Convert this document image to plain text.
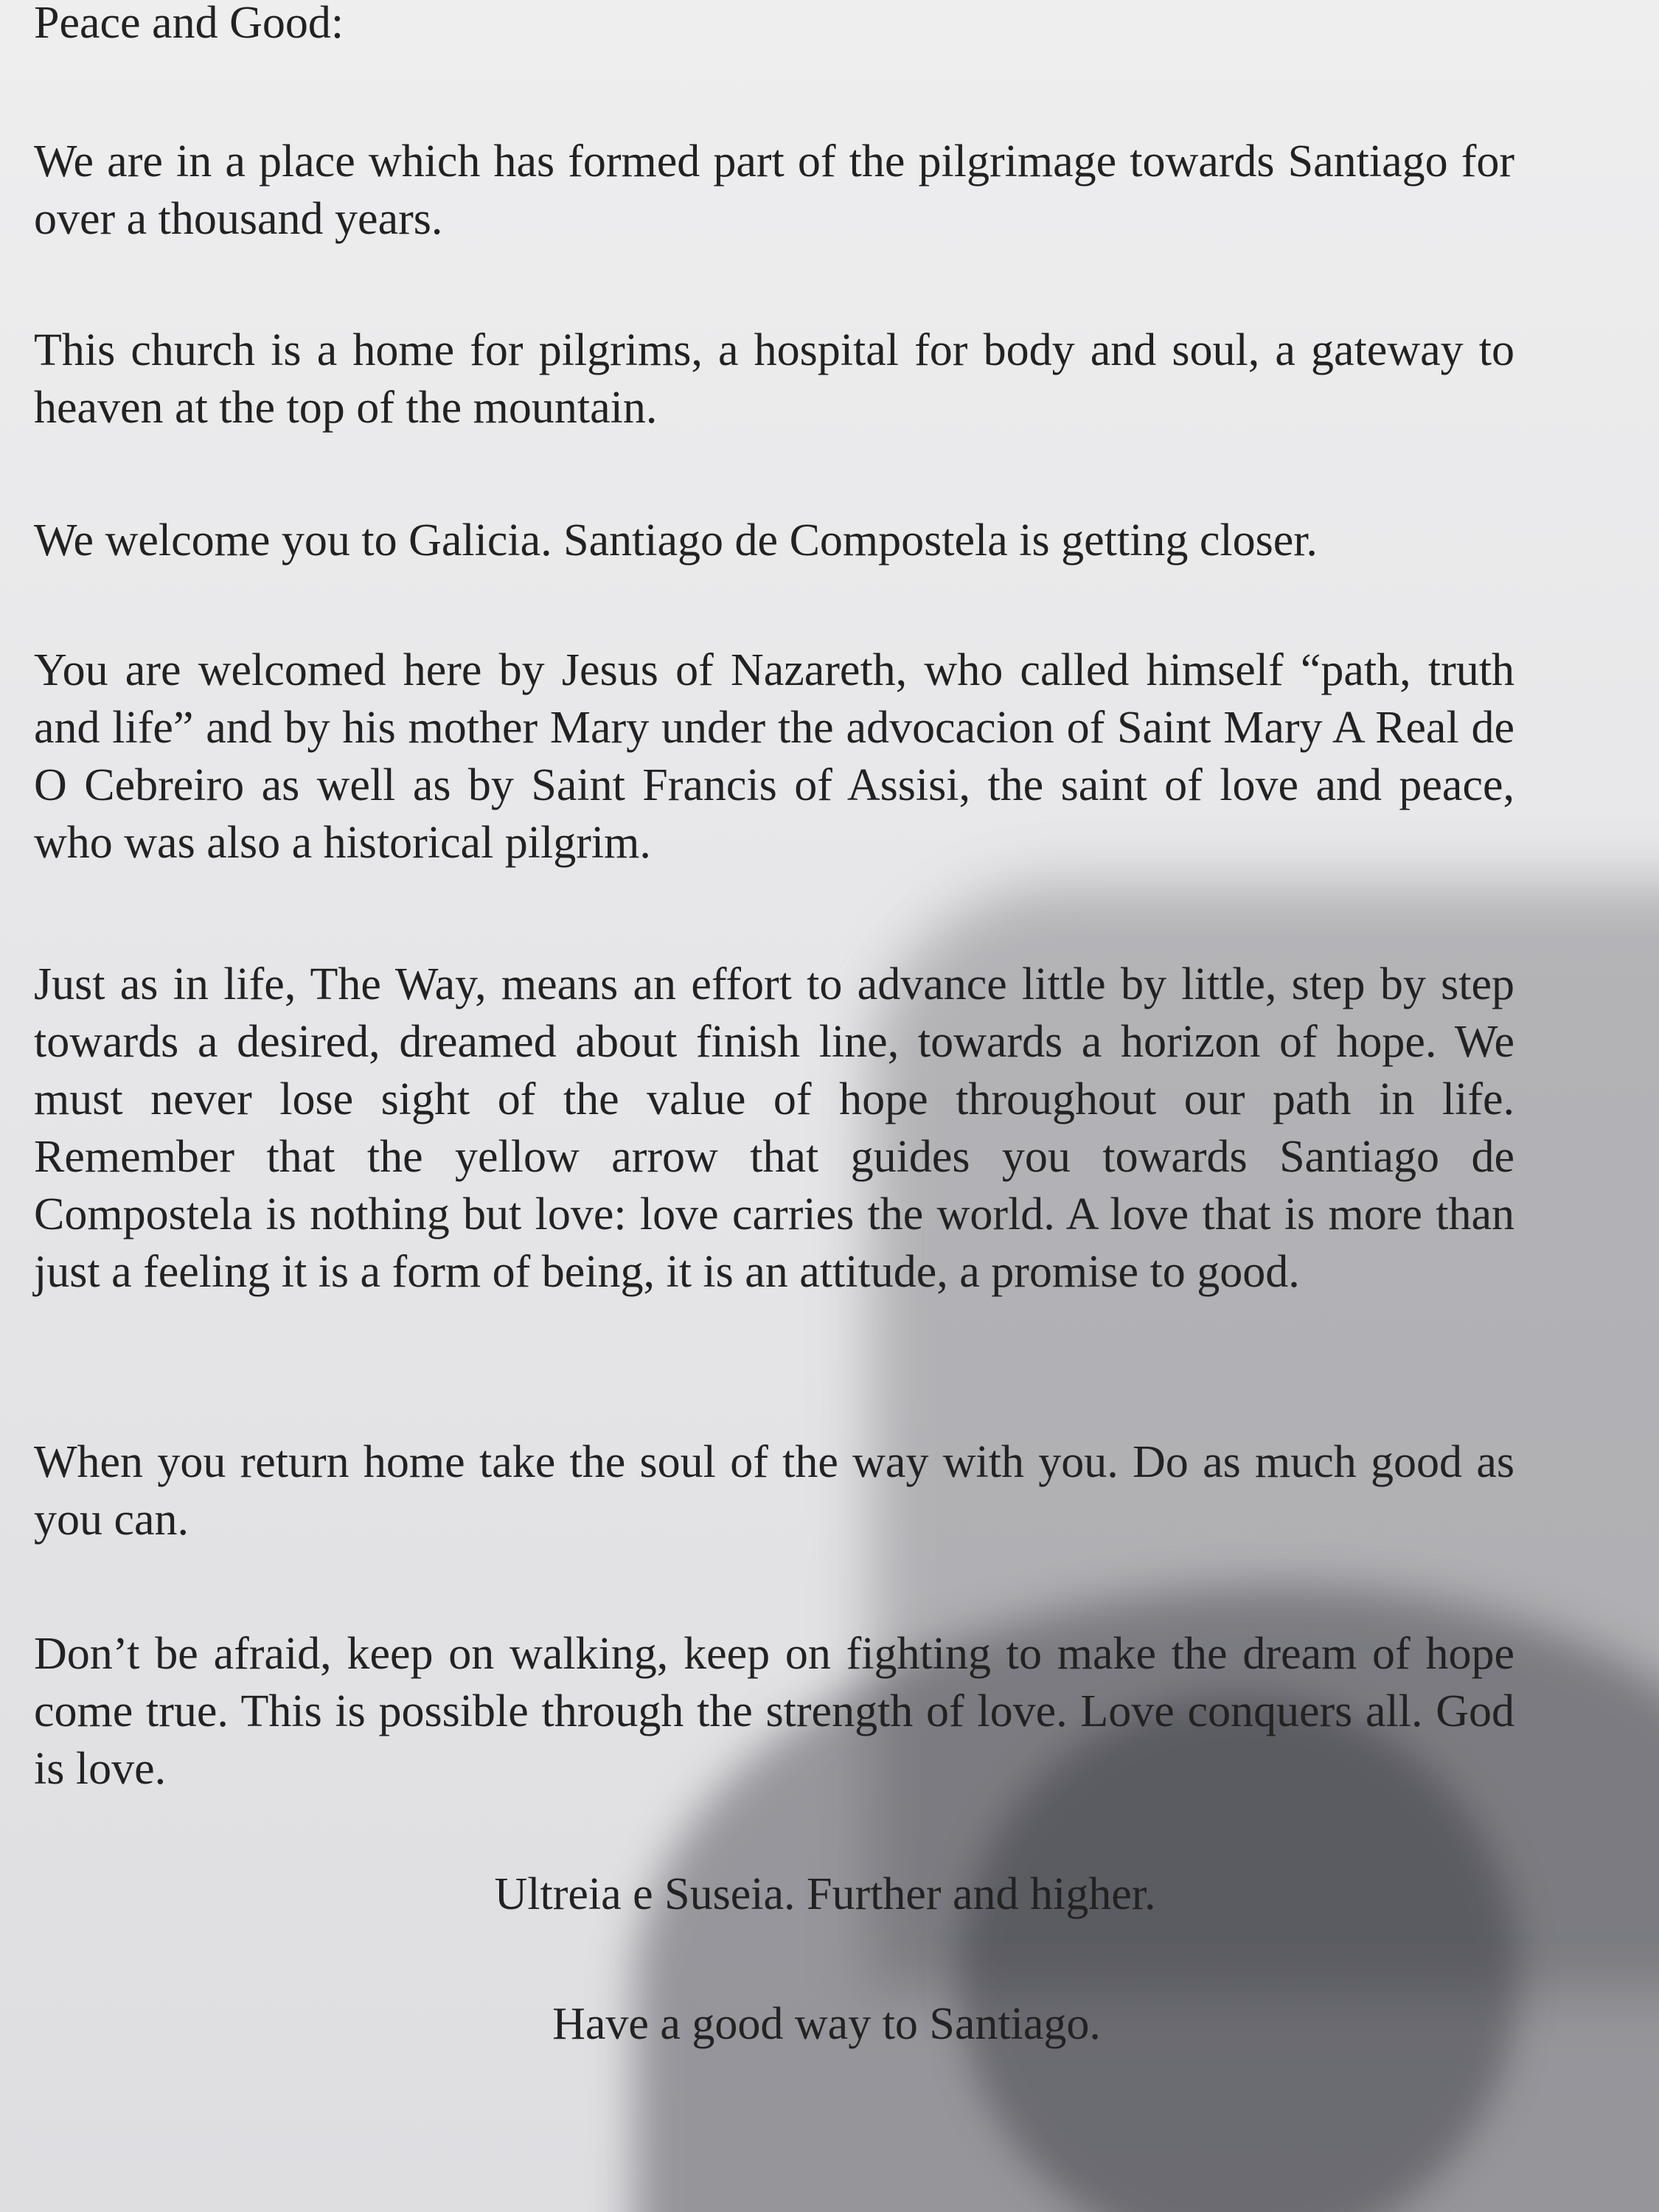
Peace and Good:

We are in a place which has formed part of the pilgrimage towards Santiago for over a thousand years.

This church is a home for pilgrims, a hospital for body and soul, a gateway to heaven at the top of the mountain.

We welcome you to Galicia. Santiago de Compostela is getting closer.

You are welcomed here by Jesus of Nazareth, who called himself “path, truth and life” and by his mother Mary under the advocacion of Saint Mary A Real de O Cebreiro as well as by Saint Francis of Assisi, the saint of love and peace, who was also a historical pilgrim.

Just as in life, The Way, means an effort to advance little by little, step by step towards a desired, dreamed about finish line, towards a horizon of hope. We must never lose sight of the value of hope throughout our path in life. Remember that the yellow arrow that guides you towards Santiago de Compostela is nothing but love: love carries the world. A love that is more than just a feeling it is a form of being, it is an attitude, a promise to good.

When you return home take the soul of the way with you. Do as much good as you can.

Don’t be afraid, keep on walking, keep on fighting to make the dream of hope come true. This is possible through the strength of love. Love conquers all. God is love.

Ultreia e Suseia. Further and higher.

Have a good way to Santiago.
